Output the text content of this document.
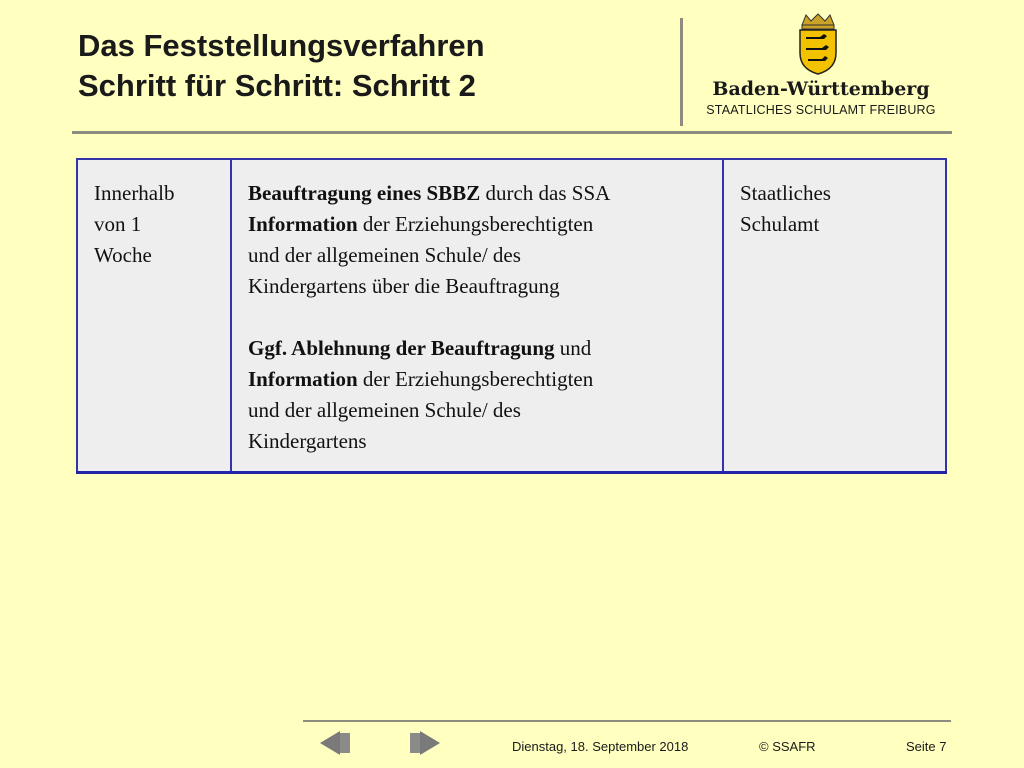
Das Feststellungsverfahren
Schritt für Schritt: Schritt 2	Baden-Württemberg
STAATLICHES SCHULAMT FREIBURG
Innerhalb
von 1
Woche

Beauftragung eines SBBZ durch das SSA
Information der Erziehungsberechtigten
und der allgemeinen Schule/ des
Kindergartens über die Beauftragung
Ggf. Ablehnung der Beauftragung und
Information der Erziehungsberechtigten
und der allgemeinen Schule/ des
Kindergartens

Staatliches
Schulamt
Dienstag, 18. September 2018	© SSAFR	Seite 7
